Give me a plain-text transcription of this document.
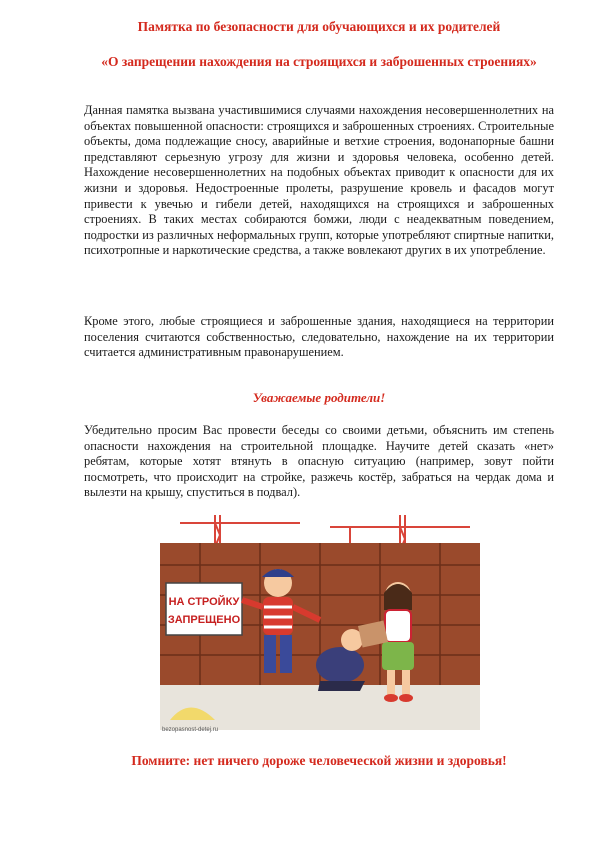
Памятка по безопасности для обучающихся и их родителей
«О запрещении нахождения на строящихся и заброшенных строениях»

Данная памятка вызвана участившимися случаями нахождения несовершеннолетних на объектах повышенной опасности: строящихся и заброшенных строениях. Строительные объекты, дома подлежащие сносу, аварийные и ветхие строения, водонапорные башни представляют серьезную угрозу для жизни и здоровья человека, особенно детей. Нахождение несовершеннолетних на подобных объектах приводит к опасности для их жизни и здоровья. Недостроенные пролеты, разрушение кровель и фасадов могут привести к увечью и гибели детей, находящихся на строящихся и заброшенных строениях. В таких местах собираются бомжи, люди с неадекватным поведением, подростки из различных неформальных групп, которые употребляют спиртные напитки, психотропные и наркотические средства, а также вовлекают других в их употребление.

Кроме этого, любые строящиеся и заброшенные здания, находящиеся на территории поселения считаются собственностью, следовательно, нахождение на их территории считается административным правонарушением.

Уважаемые родители!

Убедительно просим Вас провести беседы со своими детьми, объяснить им степень опасности нахождения на строительной площадке. Научите детей сказать «нет» ребятам, которые хотят втянуть в опасную ситуацию (например, зовут пойти посмотреть, что происходит на стройке, разжечь костёр, забраться на чердак дома и вылезти на крышу, спуститься в подвал).

НА СТРОЙКУ
ЗАПРЕЩЕНО
bezopasnost-detej.ru
Помните: нет ничего дороже человеческой жизни и здоровья!
